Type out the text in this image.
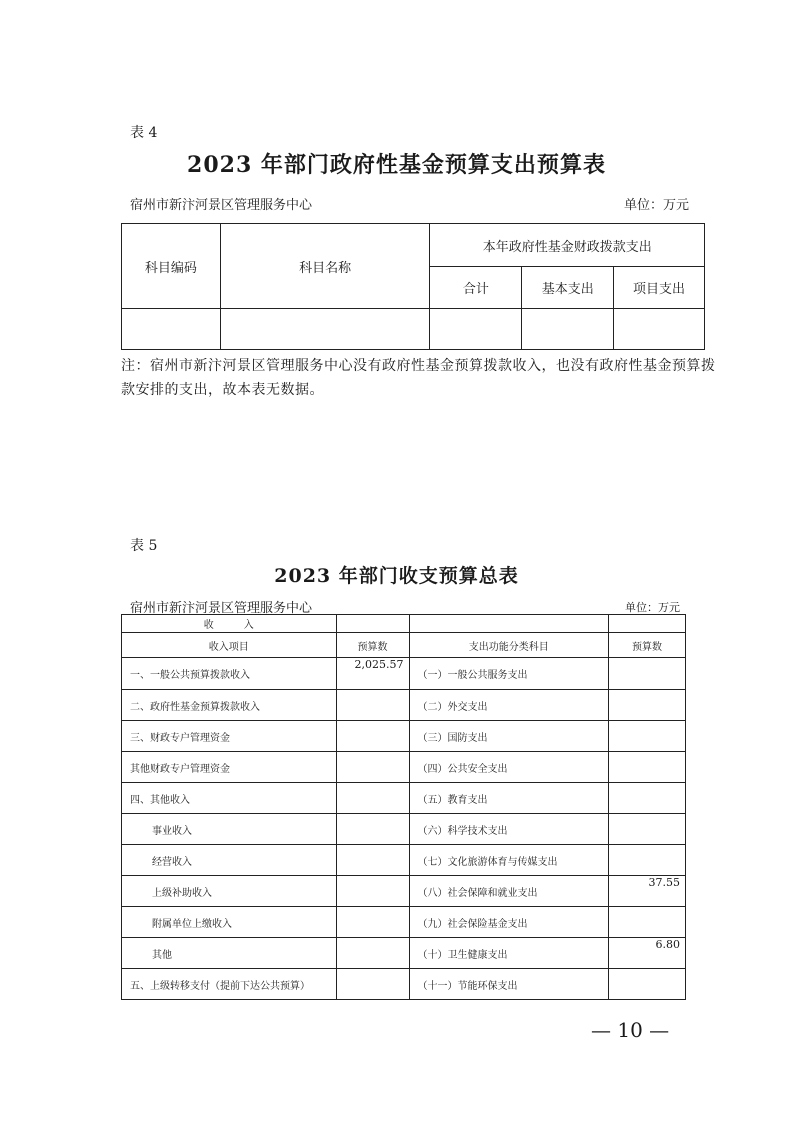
表 4
2023 年部门政府性基金预算支出预算表
宿州市新汴河景区管理服务中心	单位：万元
科目编码	科目名称	本年政府性基金财政拨款支出		
		合计	基本支出	项目支出

注：宿州市新汴河景区管理服务中心没有政府性基金预算拨款收入，也没有政府性基金预算拨款安排的支出，故本表无数据。
表 5
2023 年部门收支预算总表
宿州市新汴河景区管理服务中心	单位：万元
收　　　入			
收入项目	预算数	支出功能分类科目	预算数
一、一般公共预算拨款收入	2,025.57	（一）一般公共服务支出	
二、政府性基金预算拨款收入		（二）外交支出	
三、财政专户管理资金		（三）国防支出	
其他财政专户管理资金		（四）公共安全支出	
四、其他收入		（五）教育支出	
事业收入		（六）科学技术支出	
经营收入		（七）文化旅游体育与传媒支出	
上级补助收入		（八）社会保障和就业支出	37.55
附属单位上缴收入		（九）社会保险基金支出	
其他		（十）卫生健康支出	6.80
五、上级转移支付（提前下达公共预算）		（十一）节能环保支出	
— 10 —
